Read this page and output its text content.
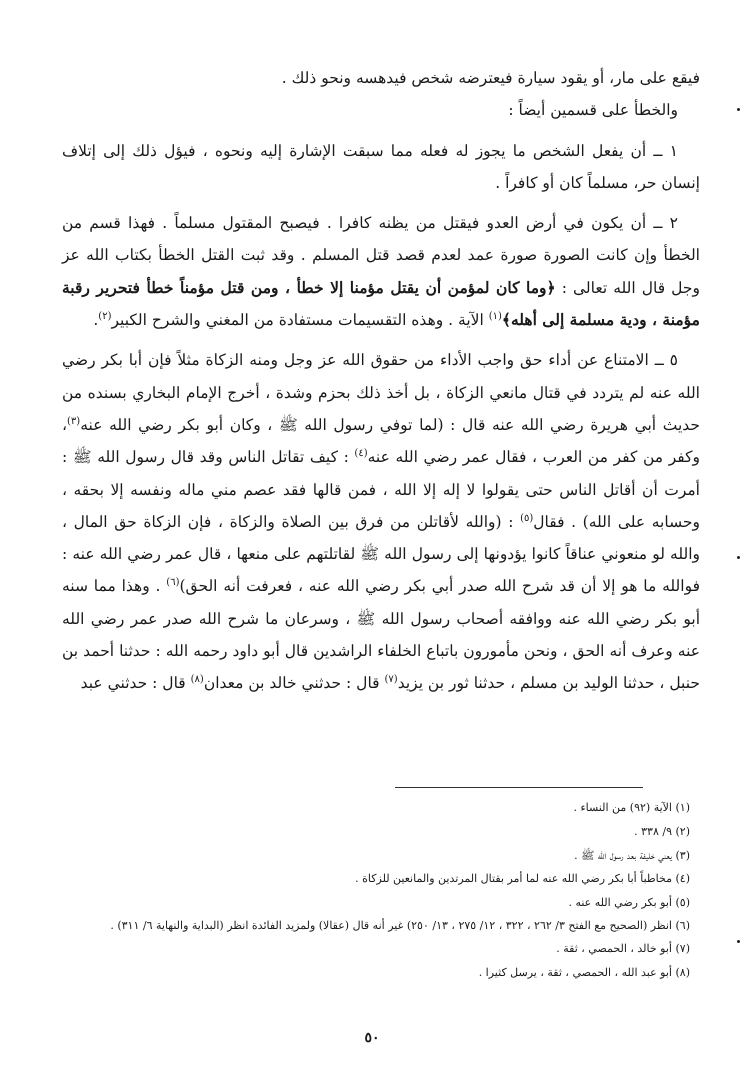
فيقع على مار، أو يقود سيارة فيعترضه شخص فيدهسه ونحو ذلك .

والخطأ على قسمين أيضاً :

١ ــ أن يفعل الشخص ما يجوز له فعله مما سبقت الإشارة إليه ونحوه ، فيؤل ذلك إلى إتلاف إنسان حر، مسلماً كان أو كافراً .

٢ ــ أن يكون في أرض العدو فيقتل من يظنه كافرا . فيصبح المقتول مسلماً . فهذا قسم من الخطأ وإن كانت الصورة صورة عمد لعدم قصد قتل المسلم . وقد ثبت القتل الخطأ بكتاب الله عز وجل قال الله تعالى : ﴿وما كان لمؤمن أن يقتل مؤمنا إلا خطأ ، ومن قتل مؤمناً خطأ فتحرير رقبة مؤمنة ، ودية مسلمة إلى أهله﴾$^{(١)}$ الآية . وهذه التقسيمات مستفادة من المغني والشرح الكبير$^{(٢)}$.

٥ ــ الامتناع عن أداء حق واجب الأداء من حقوق الله عز وجل ومنه الزكاة مثلاً فإن أبا بكر رضي الله عنه لم يتردد في قتال مانعي الزكاة ، بل أخذ ذلك بحزم وشدة ، أخرج الإمام البخاري بسنده من حديث أبي هريرة رضي الله عنه قال : (لما توفي رسول الله ﷺ ، وكان أبو بكر رضي الله عنه$^{(٣)}$، وكفر من كفر من العرب ، فقال عمر رضي الله عنه$^{(٤)}$ : كيف تقاتل الناس وقد قال رسول الله ﷺ : أمرت أن أقاتل الناس حتى يقولوا لا إله إلا الله ، فمن قالها فقد عصم مني ماله ونفسه إلا بحقه ، وحسابه على الله) . فقال$^{(٥)}$ : (والله لأقاتلن من فرق بين الصلاة والزكاة ، فإن الزكاة حق المال ، والله لو منعوني عناقاً كانوا يؤدونها إلى رسول الله ﷺ لقاتلتهم على منعها ، قال عمر رضي الله عنه : فوالله ما هو إلا أن قد شرح الله صدر أبي بكر رضي الله عنه ، فعرفت أنه الحق)$^{(٦)}$ . وهذا مما سنه أبو بكر رضي الله عنه ووافقه أصحاب رسول الله ﷺ ، وسرعان ما شرح الله صدر عمر رضي الله عنه وعرف أنه الحق ، ونحن مأمورون باتباع الخلفاء الراشدين قال أبو داود رحمه الله : حدثنا أحمد بن حنبل ، حدثنا الوليد بن مسلم ، حدثنا ثور بن يزيد$^{(٧)}$ قال : حدثني خالد بن معدان$^{(٨)}$ قال : حدثني عبد

(١) الآية (٩٢) من النساء .

(٢) ٩/ ٣٣٨ .

(٣) يعني خليفة بعد رسول الله ﷺ .

(٤) مخاطباً أبا بكر رضي الله عنه لما أمر بقتال المرتدين والمانعين للزكاة .

(٥) أبو بكر رضي الله عنه .

(٦) انظر (الصحيح مع الفتح ٣/ ٢٦٢ ، ٣٢٢ ، ١٢/ ٢٧٥ ، ١٣/ ٢٥٠) غير أنه قال (عقالا) ولمزيد الفائدة انظر (البداية والنهاية ٦/ ٣١١) .

(٧) أبو خالد ، الحمصي ، ثقة .

(٨) أبو عبد الله ، الحمصي ، ثقة ، يرسل كثيرا .

٥٠
